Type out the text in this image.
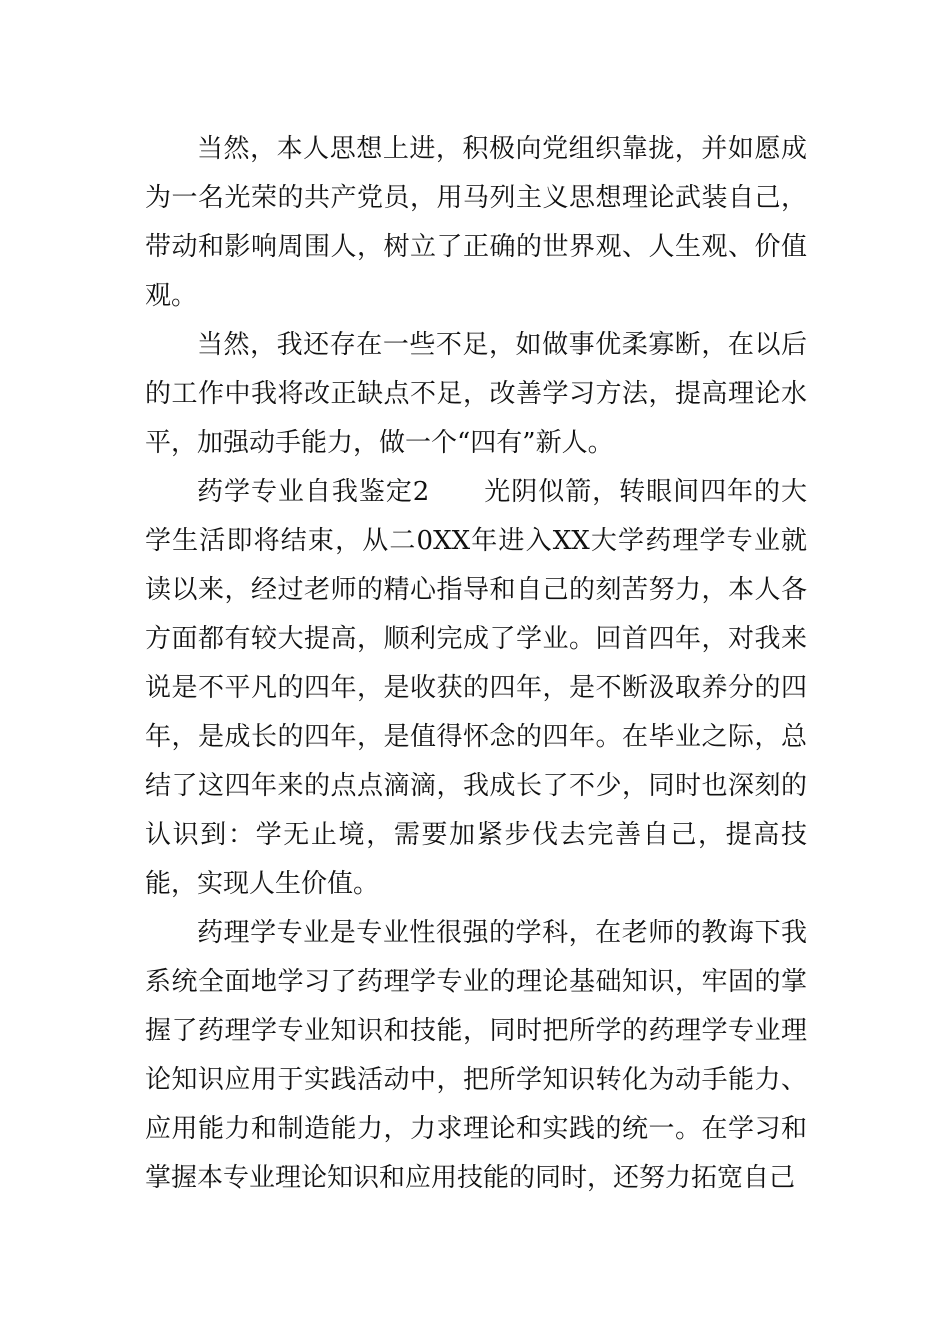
当然，本人思想上进，积极向党组织靠拢，并如愿成为一名光荣的共产党员，用马列主义思想理论武装自己，带动和影响周围人，树立了正确的世界观、人生观、价值观。

当然，我还存在一些不足，如做事优柔寡断，在以后的工作中我将改正缺点不足，改善学习方法，提高理论水平，加强动手能力，做一个“四有”新人。

药学专业自我鉴定2　　光阴似箭，转眼间四年的大学生活即将结束，从二0XX年进入XX大学药理学专业就读以来，经过老师的精心指导和自己的刻苦努力，本人各方面都有较大提高，顺利完成了学业。回首四年，对我来说是不平凡的四年，是收获的四年，是不断汲取养分的四年，是成长的四年，是值得怀念的四年。在毕业之际，总结了这四年来的点点滴滴，我成长了不少，同时也深刻的认识到：学无止境，需要加紧步伐去完善自己，提高技能，实现人生价值。

药理学专业是专业性很强的学科，在老师的教诲下我系统全面地学习了药理学专业的理论基础知识，牢固的掌握了药理学专业知识和技能，同时把所学的药理学专业理论知识应用于实践活动中，把所学知识转化为动手能力、应用能力和制造能力，力求理论和实践的统一。在学习和掌握本专业理论知识和应用技能的同时，还努力拓宽自己
